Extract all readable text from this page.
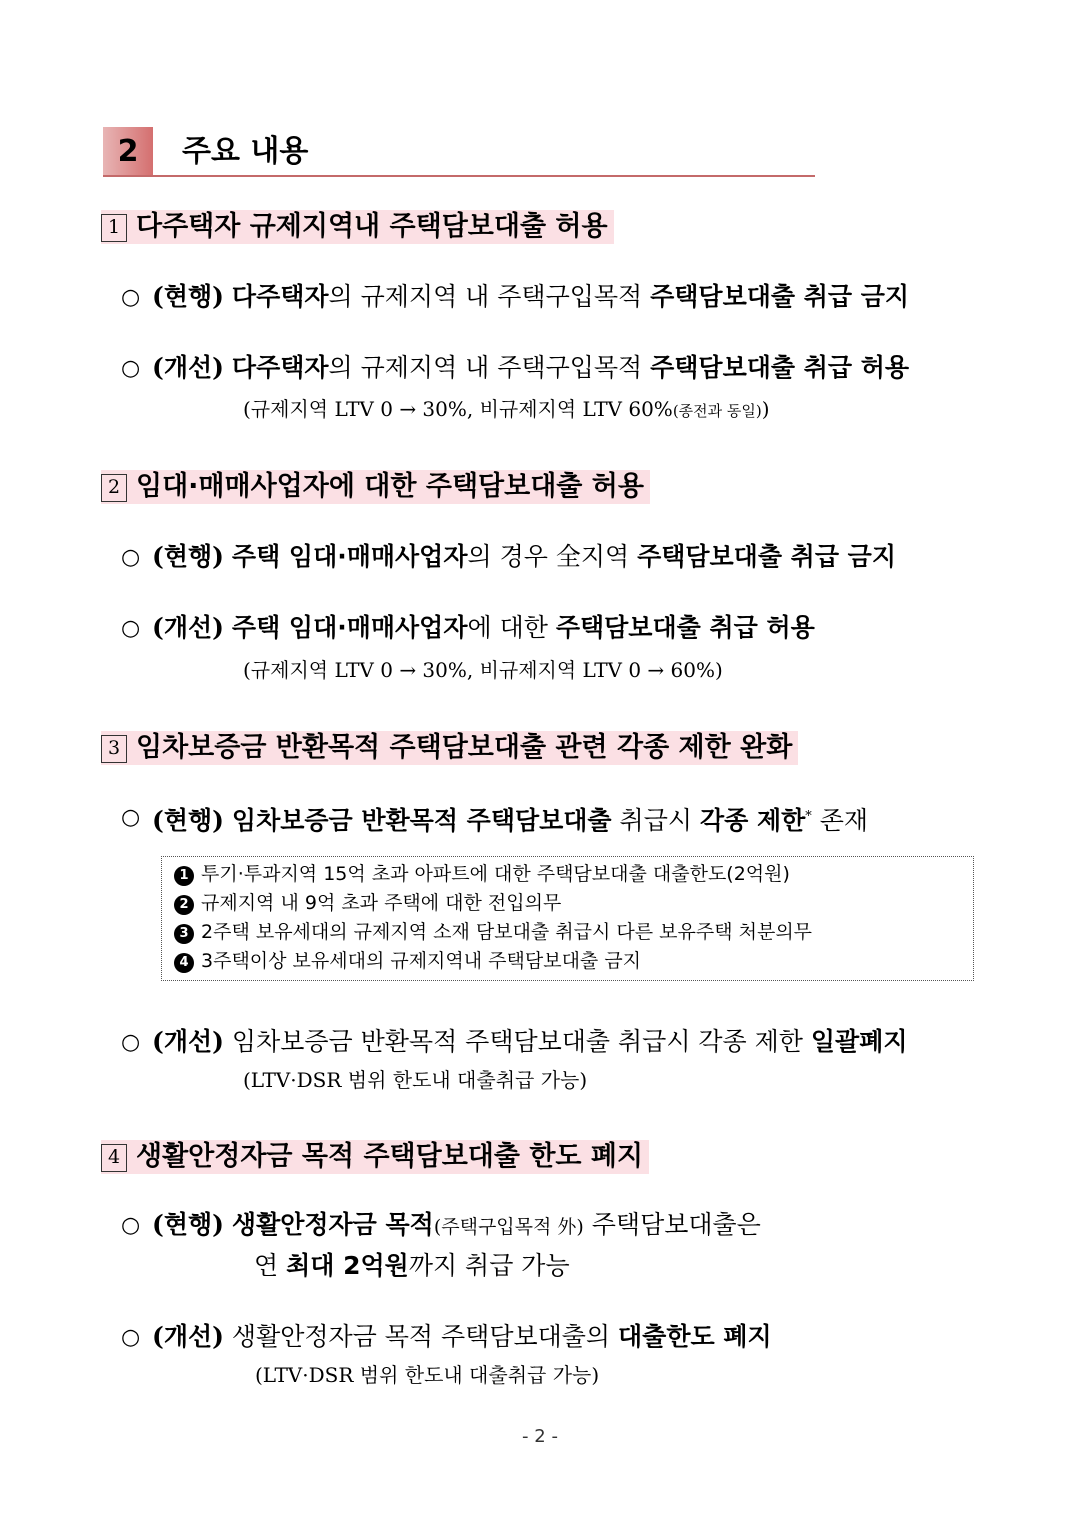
2	주요 내용
1 다주택자 규제지역내 주택담보대출 허용
○ (현행) 다주택자의 규제지역 내 주택구입목적 주택담보대출 취급 금지
○ (개선) 다주택자의 규제지역 내 주택구입목적 주택담보대출 취급 허용
(규제지역 LTV 0 → 30%, 비규제지역 LTV 60%(종전과 동일))
2 임대·매매사업자에 대한 주택담보대출 허용
○ (현행) 주택 임대·매매사업자의 경우 全지역 주택담보대출 취급 금지
○ (개선) 주택 임대·매매사업자에 대한 주택담보대출 취급 허용
(규제지역 LTV 0 → 30%, 비규제지역 LTV 0 → 60%)
3 임차보증금 반환목적 주택담보대출 관련 각종 제한 완화
○ (현행) 임차보증금 반환목적 주택담보대출 취급시 각종 제한* 존재
1 투기·투과지역 15억 초과 아파트에 대한 주택담보대출 대출한도(2억원)
2 규제지역 내 9억 초과 주택에 대한 전입의무
3 2주택 보유세대의 규제지역 소재 담보대출 취급시 다른 보유주택 처분의무
4 3주택이상 보유세대의 규제지역내 주택담보대출 금지
○ (개선) 임차보증금 반환목적 주택담보대출 취급시 각종 제한 일괄폐지
(LTV·DSR 범위 한도내 대출취급 가능)
4 생활안정자금 목적 주택담보대출 한도 폐지
○ (현행) 생활안정자금 목적(주택구입목적 外) 주택담보대출은
연 최대 2억원까지 취급 가능
○ (개선) 생활안정자금 목적 주택담보대출의 대출한도 폐지
(LTV·DSR 범위 한도내 대출취급 가능)
- 2 -
